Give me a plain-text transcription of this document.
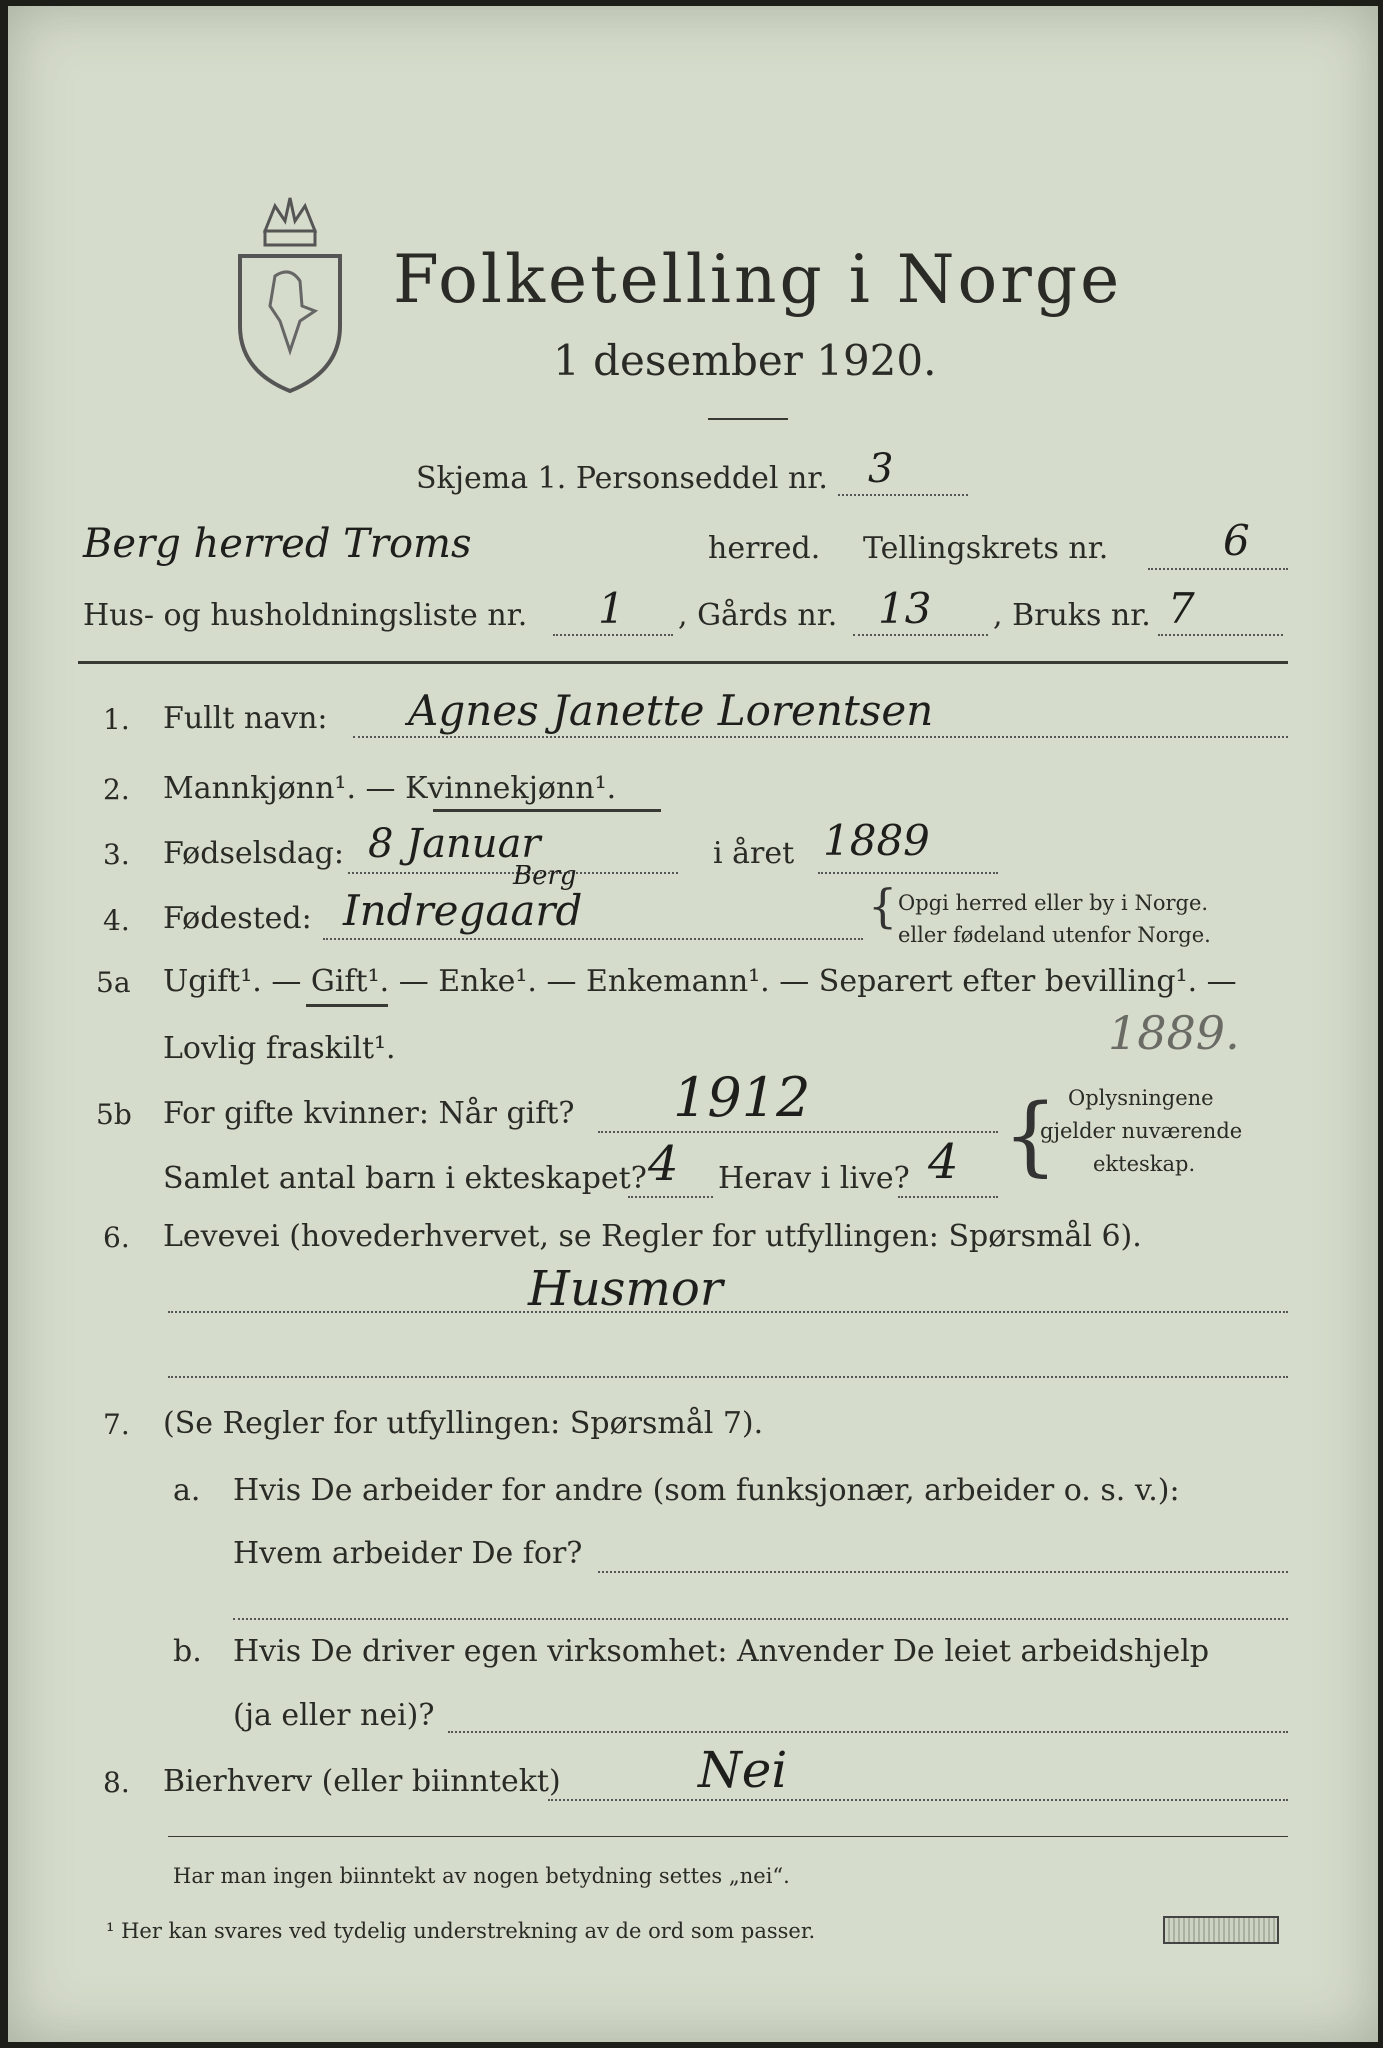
Folketelling i Norge
1 desember 1920.
Skjema 1. Personseddel nr. 3
Berg herred Troms	herred. Tellingskrets nr.	6
Hus- og husholdningsliste nr. 1 , Gårds nr. 13 , Bruks nr. 7
1. Fullt navn: Agnes Janette Lorentsen
2. Mannkjønn¹. — Kvinnekjønn¹.
3. Fødselsdag: 8 Januar	i året 1889
4. Fødested: Indregaard
Berg
{ Opgi herred eller by i Norge.
eller fødeland utenfor Norge.
5a Ugift¹. — Gift¹. — Enke¹. — Enkemann¹. — Separert efter bevilling¹. —
Lovlig fraskilt¹.	1889.
5b For gifte kvinner: Når gift? 1912
Samlet antal barn i ekteskapet? 4 Herav i live? 4 { Oplysningene
gjelder nuværende
ekteskap.
6. Levevei (hovederhvervet, se Regler for utfyllingen: Spørsmål 6).
Husmor
7. (Se Regler for utfyllingen: Spørsmål 7).
a. Hvis De arbeider for andre (som funksjonær, arbeider o. s. v.):
Hvem arbeider De for?
b. Hvis De driver egen virksomhet: Anvender De leiet arbeidshjelp
(ja eller nei)?
8. Bierhverv (eller biinntekt)	Nei
Har man ingen biinntekt av nogen betydning settes „nei“.
¹ Her kan svares ved tydelig understrekning av de ord som passer.
